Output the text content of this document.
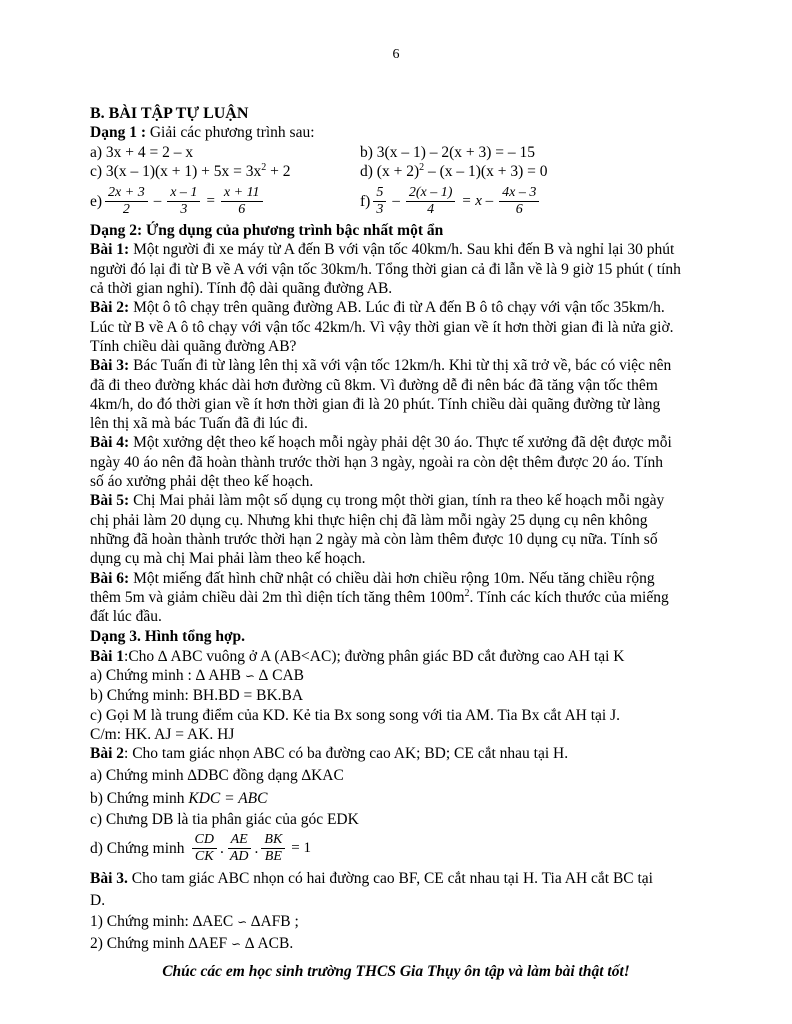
6
B. BÀI TẬP TỰ LUẬN
Dạng 1 : Giải các phương trình sau:
a) 3x + 4 = 2 – x	b) 3(x – 1) – 2(x + 3) = – 15
c) $3(x - 1)(x + 1) + 5x = 3x^2 + 2$	d) $(x + 2)^2 - (x - 1)(x + 3) = 0$
$e) \frac{2x + 3}{2} - \frac{x - 1}{3} = \frac{x + 11}{6}$	$f) \frac{5}{3} - \frac{2(x - 1)}{4} = x - \frac{4x - 3}{6}$
Dạng 2: Ứng dụng của phương trình bậc nhất một ẩn
Bài 1: Một người đi xe máy từ A đến B với vận tốc 40km/h. Sau khi đến B và nghỉ lại 30 phút
người đó lại đi từ B về A với vận tốc 30km/h. Tổng thời gian cả đi lẫn về là 9 giờ 15 phút ( tính
cả thời gian nghỉ). Tính độ dài quãng đường AB.
Bài 2: Một ô tô chạy trên quãng đường AB. Lúc đi từ A đến B ô tô chạy với vận tốc 35km/h.
Lúc từ B về A ô tô chạy với vận tốc 42km/h. Vì vậy thời gian về ít hơn thời gian đi là nửa giờ.
Tính chiều dài quãng đường AB?
Bài 3: Bác Tuấn đi từ làng lên thị xã với vận tốc 12km/h. Khi từ thị xã trở về, bác có việc nên
đã đi theo đường khác dài hơn đường cũ 8km. Vì đường dễ đi nên bác đã tăng vận tốc thêm
4km/h, do đó thời gian về ít hơn thời gian đi là 20 phút. Tính chiều dài quãng đường từ làng
lên thị xã mà bác Tuấn đã đi lúc đi.
Bài 4: Một xưởng dệt theo kế hoạch mỗi ngày phải dệt 30 áo. Thực tế xưởng đã dệt được mỗi
ngày 40 áo nên đã hoàn thành trước thời hạn 3 ngày, ngoài ra còn dệt thêm được 20 áo. Tính
số áo xưởng phải dệt theo kế hoạch.
Bài 5: Chị Mai phải làm một số dụng cụ trong một thời gian, tính ra theo kế hoạch mỗi ngày
chị phải làm 20 dụng cụ. Nhưng khi thực hiện chị đã làm mỗi ngày 25 dụng cụ nên không
những đã hoàn thành trước thời hạn 2 ngày mà còn làm thêm được 10 dụng cụ nữa. Tính số
dụng cụ mà chị Mai phải làm theo kế hoạch.
Bài 6: Một miếng đất hình chữ nhật có chiều dài hơn chiều rộng 10m. Nếu tăng chiều rộng
thêm 5m và giảm chiều dài 2m thì diện tích tăng thêm $100m^2$. Tính các kích thước của miếng
đất lúc đầu.
Dạng 3. Hình tổng hợp.
Bài 1:Cho ∆ ABC vuông ở A (AB<AC); đường phân giác BD cắt đường cao AH tại K
a) Chứng minh : ∆ AHB ∽ ∆ CAB
b) Chứng minh: BH.BD = BK.BA
c) Gọi M là trung điểm của KD. Kẻ tia Bx song song với tia AM. Tia Bx cắt AH tại J.
C/m: HK. AJ = AK. HJ
Bài 2: Cho tam giác nhọn ABC có ba đường cao AK; BD; CE cắt nhau tại H.
a) Chứng minh ∆DBC đồng dạng ∆KAC
b) Chứng minh KDC = ABC
c) Chưng DB là tia phân giác của góc EDK
d) Chứng minh $\frac{CD}{CK}$ . $\frac{AE}{AD}$ . $\frac{BK}{BE} = 1$
Bài 3. Cho tam giác ABC nhọn có hai đường cao BF, CE cắt nhau tại H. Tia AH cắt BC tại
D.
1) Chứng minh: ∆AEC ∽ ∆AFB ;
2) Chứng minh ∆AEF ∽ ∆ ACB.
Chúc các em học sinh trường THCS Gia Thụy ôn tập và làm bài thật tốt!
